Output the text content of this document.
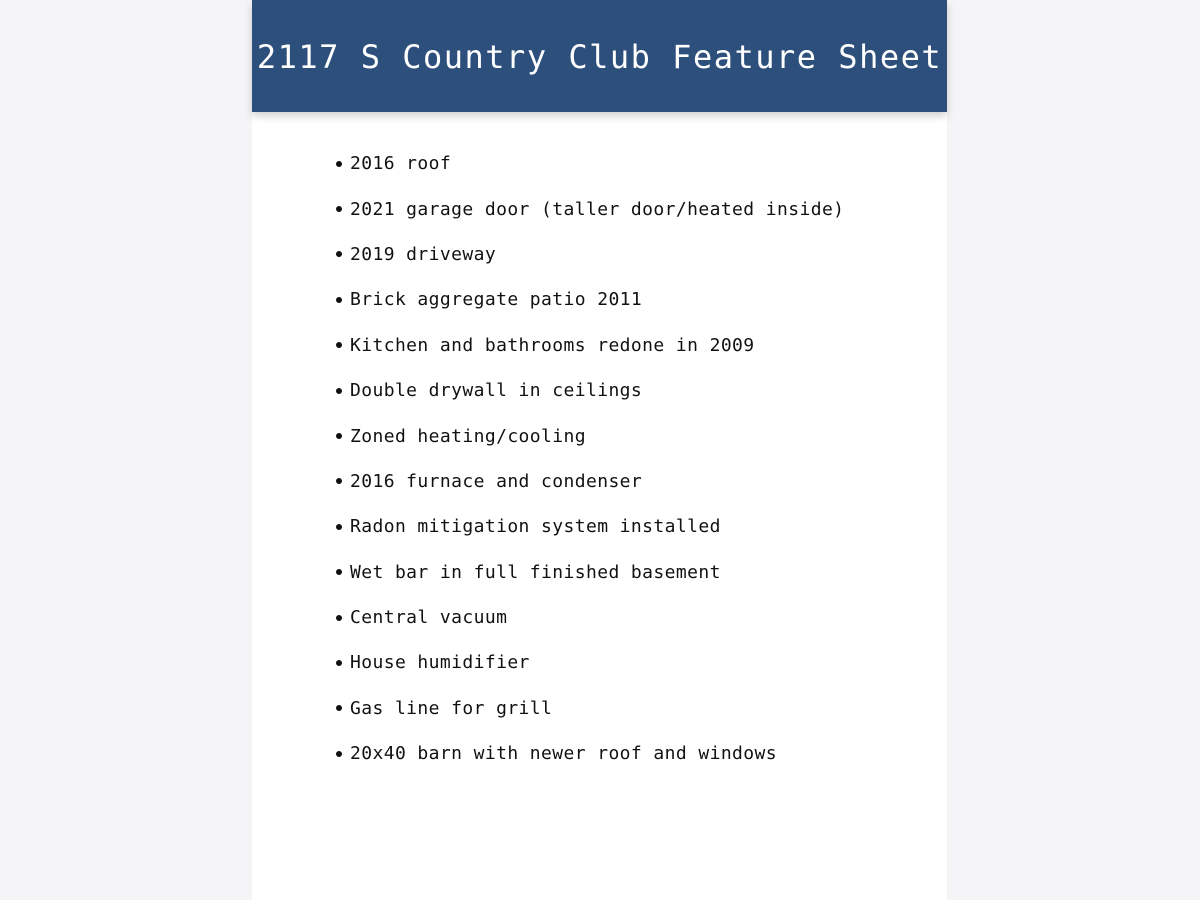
2117 S Country Club Feature Sheet
2016 roof
2021 garage door (taller door/heated inside)
2019 driveway
Brick aggregate patio 2011
Kitchen and bathrooms redone in 2009
Double drywall in ceilings
Zoned heating/cooling
2016 furnace and condenser
Radon mitigation system installed
Wet bar in full finished basement
Central vacuum
House humidifier
Gas line for grill
20x40 barn with newer roof and windows
